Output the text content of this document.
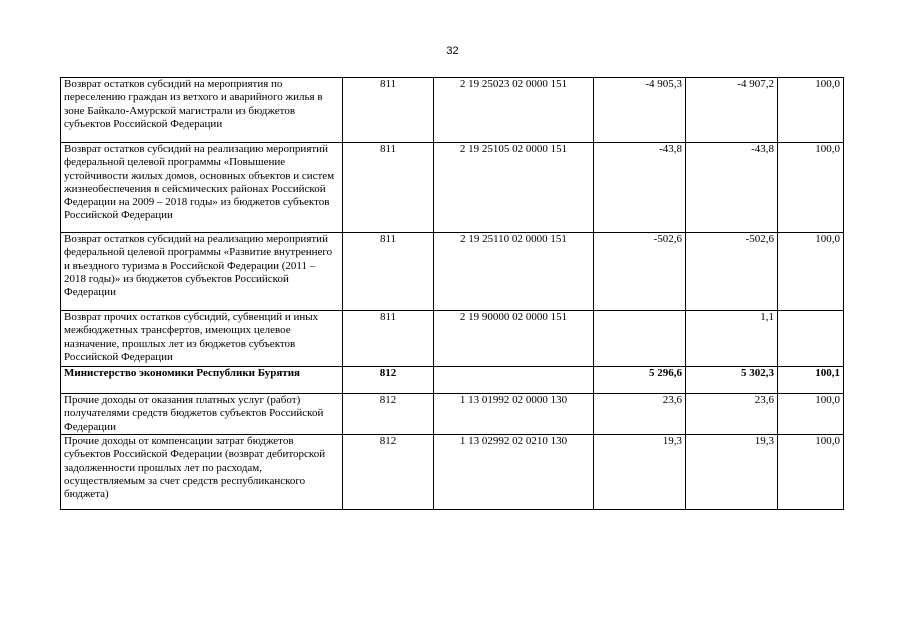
32
Возврат остатков субсидий на мероприятия по переселению граждан из ветхого и аварийного жилья в зоне Байкало-Амурской магистрали из бюджетов субъектов Российской Федерации	811	2 19 25023 02 0000 151	-4 905,3	-4 907,2	100,0
Возврат остатков субсидий на реализацию мероприятий федеральной целевой программы «Повышение устойчивости жилых домов, основных объектов и систем жизнеобеспечения в сейсмических районах Российской Федерации на 2009 – 2018 годы» из бюджетов субъектов Российской Федерации	811	2 19 25105 02 0000 151	-43,8	-43,8	100,0
Возврат остатков субсидий на реализацию мероприятий федеральной целевой программы «Развитие внутреннего и въездного туризма в Российской Федерации (2011 – 2018 годы)» из бюджетов субъектов Российской Федерации	811	2 19 25110 02 0000 151	-502,6	-502,6	100,0
Возврат прочих остатков субсидий, субвенций и иных межбюджетных трансфертов, имеющих целевое назначение, прошлых лет из бюджетов субъектов Российской Федерации	811	2 19 90000 02 0000 151		1,1	
Министерство экономики Республики Бурятия	812		5 296,6	5 302,3	100,1
Прочие доходы от оказания платных услуг (работ) получателями средств бюджетов субъектов Российской Федерации	812	1 13 01992 02 0000 130	23,6	23,6	100,0
Прочие доходы от компенсации затрат бюджетов субъектов Российской Федерации (возврат дебиторской задолженности прошлых лет по расходам, осуществляемым за счет средств республиканского бюджета)	812	1 13 02992 02 0210 130	19,3	19,3	100,0
